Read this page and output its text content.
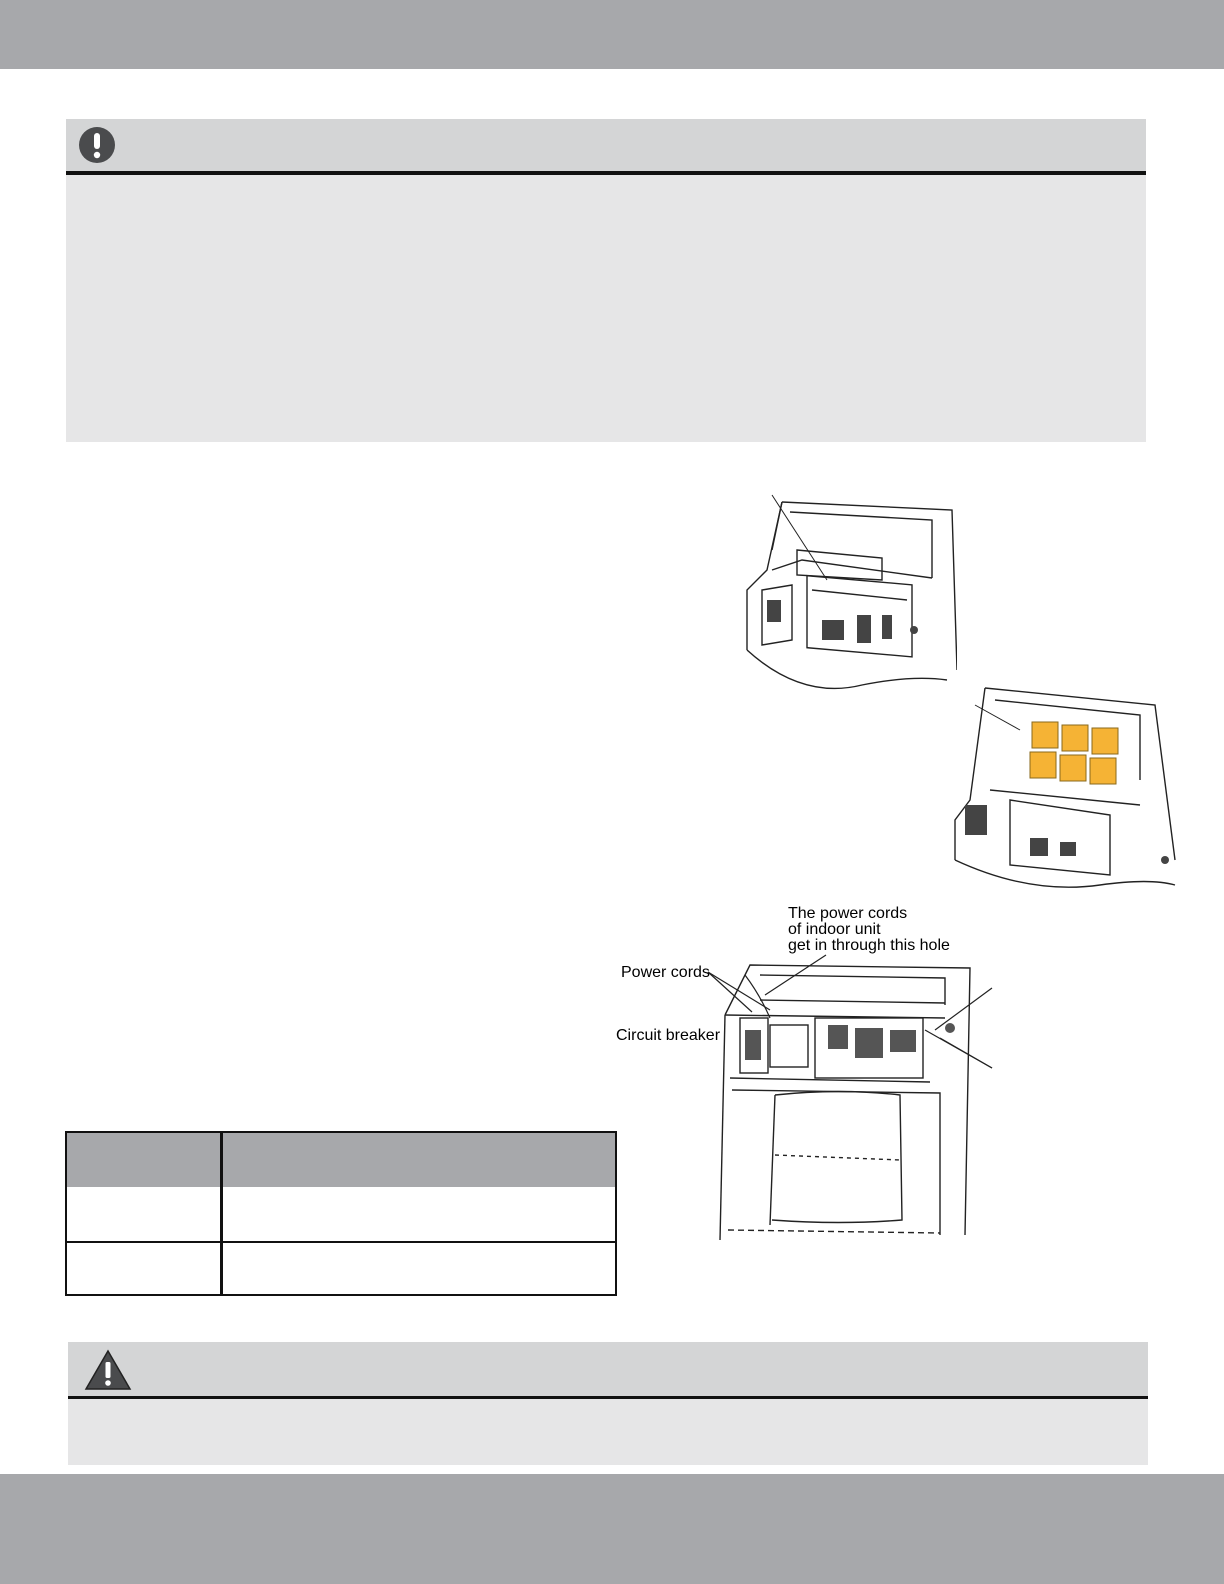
The power cords
of indoor unit
get in through this hole
Power cords
Circuit breaker
